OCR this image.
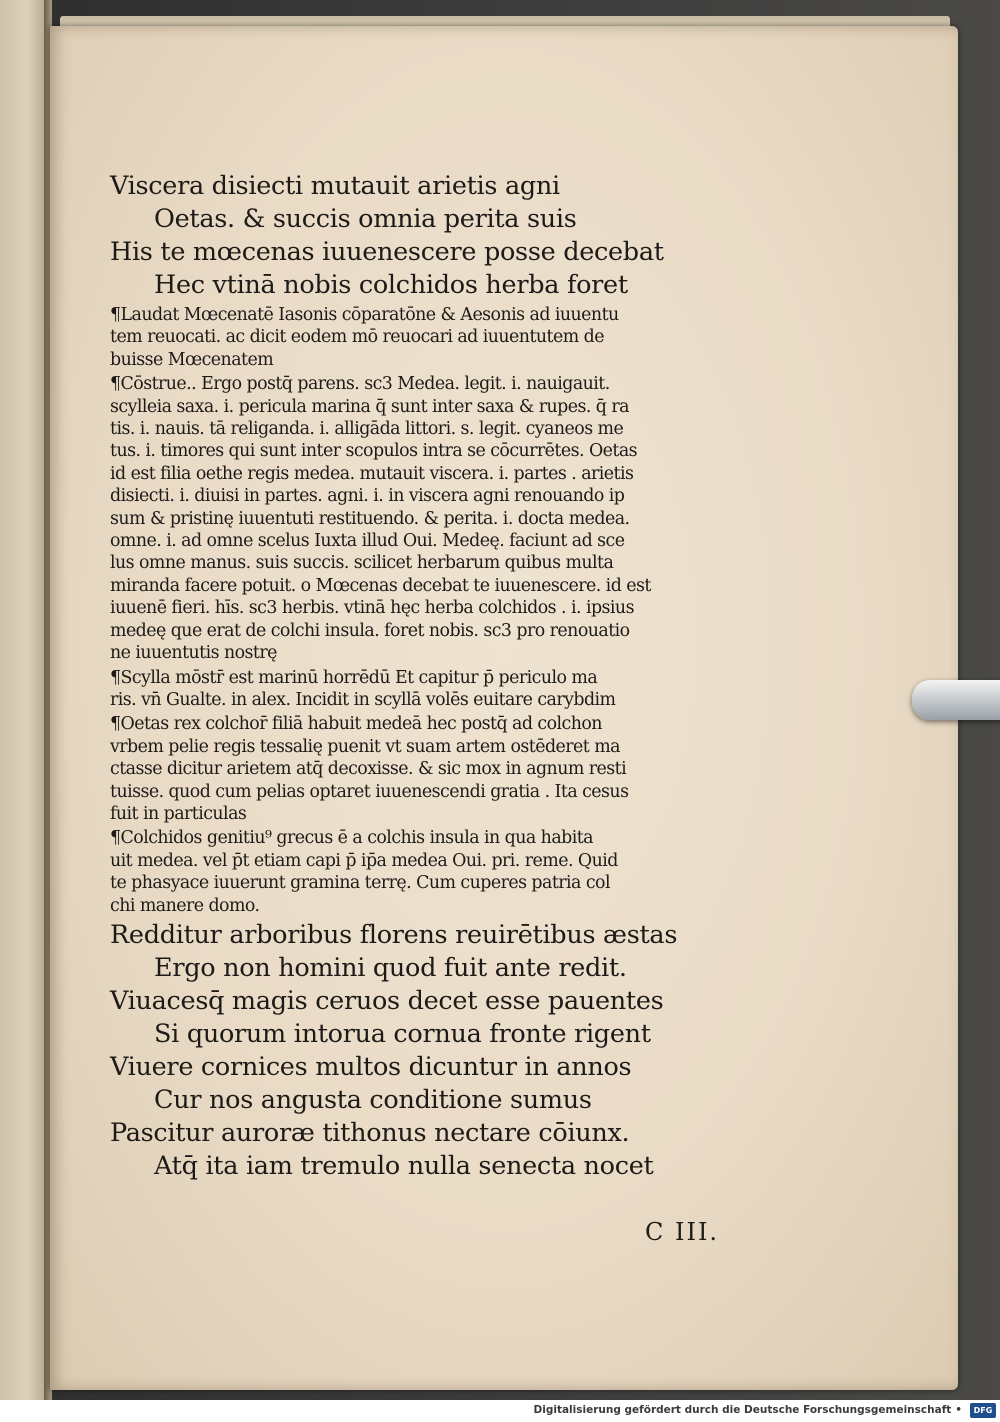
Viscera disiecti mutauit arietis agni
Oetas. & succis omnia perita suis
His te mœcenas iuuenescere posse decebat
Hec vtinā nobis colchidos herba foret
¶Laudat Mœcenatē Iasonis cōparatōne & Aesonis ad iuuentu
tem reuocati. ac dicit eodem mō reuocari ad iuuentutem de
buisse Mœcenatem
¶Cōstrue.. Ergo postq̄ parens. sc3 Medea. legit. i. nauigauit.
scylleia saxa. i. pericula marina q̄ sunt inter saxa & rupes. q̄ ra
tis. i. nauis. tā religanda. i. alligāda littori. s. legit. cyaneos me
tus. i. timores qui sunt inter scopulos intra se cōcurrētes. Oetas
id est filia oethe regis medea. mutauit viscera. i. partes . arietis
disiecti. i. diuisi in partes. agni. i. in viscera agni renouando ip
sum & pristinę iuuentuti restituendo. & perita. i. docta medea.
omne. i. ad omne scelus Iuxta illud Oui. Medeę. faciunt ad sce
lus omne manus. suis succis. scilicet herbarum quibus multa
miranda facere potuit. o Mœcenas decebat te iuuenescere. id est
iuuenē fieri. hīs. sc3 herbis. vtinā hęc herba colchidos . i. ipsius
medeę que erat de colchi insula. foret nobis. sc3 pro renouatio
ne iuuentutis nostrę
¶Scylla mōstr̄ est marinū horrēdū Et capitur p̄ periculo ma
ris. vn̄ Gualte. in alex. Incidit in scyllā volēs euitare carybdim
¶Oetas rex colchor̄ filiā habuit medeā hec postq̄ ad colchon
vrbem pelie regis tessalię puenit vt suam artem ostēderet ma
ctasse dicitur arietem atq̄ decoxisse. & sic mox in agnum resti
tuisse. quod cum pelias optaret iuuenescendi gratia . Ita cesus
fuit in particulas
¶Colchidos genitiu⁹ grecus ē a colchis insula in qua habita
uit medea. vel p̄t etiam capi p̄ ip̄a medea Oui. pri. reme. Quid
te phasyace iuuerunt gramina terrę. Cum cuperes patria col
chi manere domo.
Redditur arboribus florens reuirētibus æstas
Ergo non homini quod fuit ante redit.
Viuacesq̄ magis ceruos decet esse pauentes
Si quorum intorua cornua fronte rigent
Viuere cornices multos dicuntur in annos
Cur nos angusta conditione sumus
Pascitur auroræ tithonus nectare cōiunx.
Atq̄ ita iam tremulo nulla senecta nocet
C III.
Digitalisierung gefördert durch die Deutsche Forschungsgemeinschaft •	DFG
